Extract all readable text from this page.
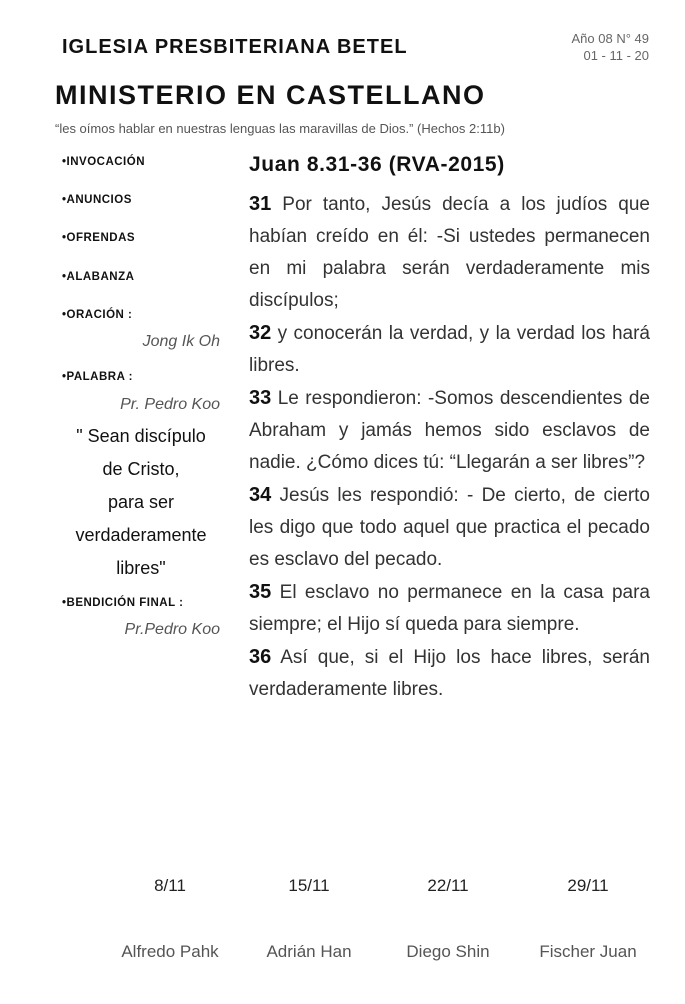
IGLESIA PRESBITERIANA BETEL	Año 08 N° 49
01 - 11 - 20
MINISTERIO EN CASTELLANO
“les oímos hablar en nuestras lenguas las maravillas de Dios.” (Hechos 2:11b)
•INVOCACIÓN
•ANUNCIOS
•OFRENDAS
•ALABANZA
•ORACIÓN :
Jong Ik Oh
•PALABRA :
Pr. Pedro Koo
" Sean discípulo
de Cristo,
para ser
verdaderamente
libres"
•BENDICIÓN FINAL :
Pr.Pedro Koo
Juan 8.31-36 (RVA-2015)
31 Por tanto, Jesús decía a los judíos que habían creído en él: -Si ustedes permanecen en mi palabra serán verdaderamente mis discípulos;
32 y conocerán la verdad, y la verdad los hará libres.
33 Le respondieron: -Somos descendientes de Abraham y jamás hemos sido esclavos de nadie. ¿Cómo dices tú: “Llegarán a ser libres”?
34 Jesús les respondió: - De cierto, de cierto les digo que todo aquel que practica el pecado es esclavo del pecado.
35 El esclavo no permanece en la casa para siempre; el Hijo sí queda para siempre.
36 Así que, si el Hijo los hace libres, serán verdaderamente libres.
8/11	15/11	22/11	29/11
Alfredo Pahk	Adrián Han	Diego Shin	Fischer Juan
